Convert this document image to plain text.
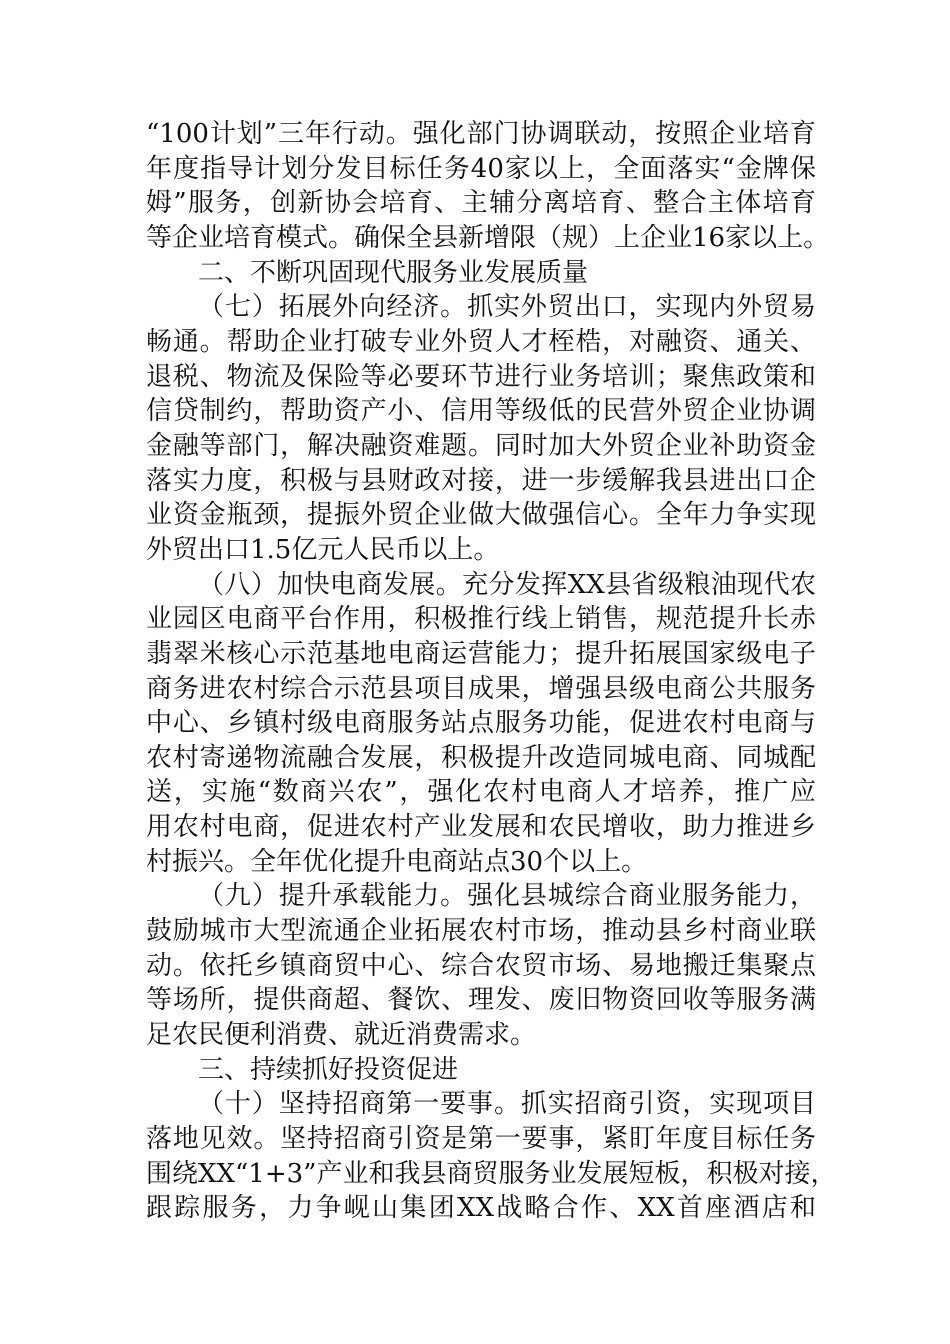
“100计划”三年行动。强化部门协调联动，按照企业培育
年度指导计划分发目标任务40家以上，全面落实“金牌保
姆”服务，创新协会培育、主辅分离培育、整合主体培育
等企业培育模式。确保全县新增限（规）上企业16家以上。
二、不断巩固现代服务业发展质量
（七）拓展外向经济。抓实外贸出口，实现内外贸易
畅通。帮助企业打破专业外贸人才桎梏，对融资、通关、
退税、物流及保险等必要环节进行业务培训；聚焦政策和
信贷制约，帮助资产小、信用等级低的民营外贸企业协调
金融等部门，解决融资难题。同时加大外贸企业补助资金
落实力度，积极与县财政对接，进一步缓解我县进出口企
业资金瓶颈，提振外贸企业做大做强信心。全年力争实现
外贸出口1.5亿元人民币以上。
（八）加快电商发展。充分发挥XX县省级粮油现代农
业园区电商平台作用，积极推行线上销售，规范提升长赤
翡翠米核心示范基地电商运营能力；提升拓展国家级电子
商务进农村综合示范县项目成果，增强县级电商公共服务
中心、乡镇村级电商服务站点服务功能，促进农村电商与
农村寄递物流融合发展，积极提升改造同城电商、同城配
送，实施“数商兴农”，强化农村电商人才培养，推广应
用农村电商，促进农村产业发展和农民增收，助力推进乡
村振兴。全年优化提升电商站点30个以上。
（九）提升承载能力。强化县城综合商业服务能力，
鼓励城市大型流通企业拓展农村市场，推动县乡村商业联
动。依托乡镇商贸中心、综合农贸市场、易地搬迁集聚点
等场所，提供商超、餐饮、理发、废旧物资回收等服务满
足农民便利消费、就近消费需求。
三、持续抓好投资促进
（十）坚持招商第一要事。抓实招商引资，实现项目
落地见效。坚持招商引资是第一要事，紧盯年度目标任务
围绕XX“1+3”产业和我县商贸服务业发展短板，积极对接，
跟踪服务，力争岘山集团XX战略合作、XX首座酒店和
